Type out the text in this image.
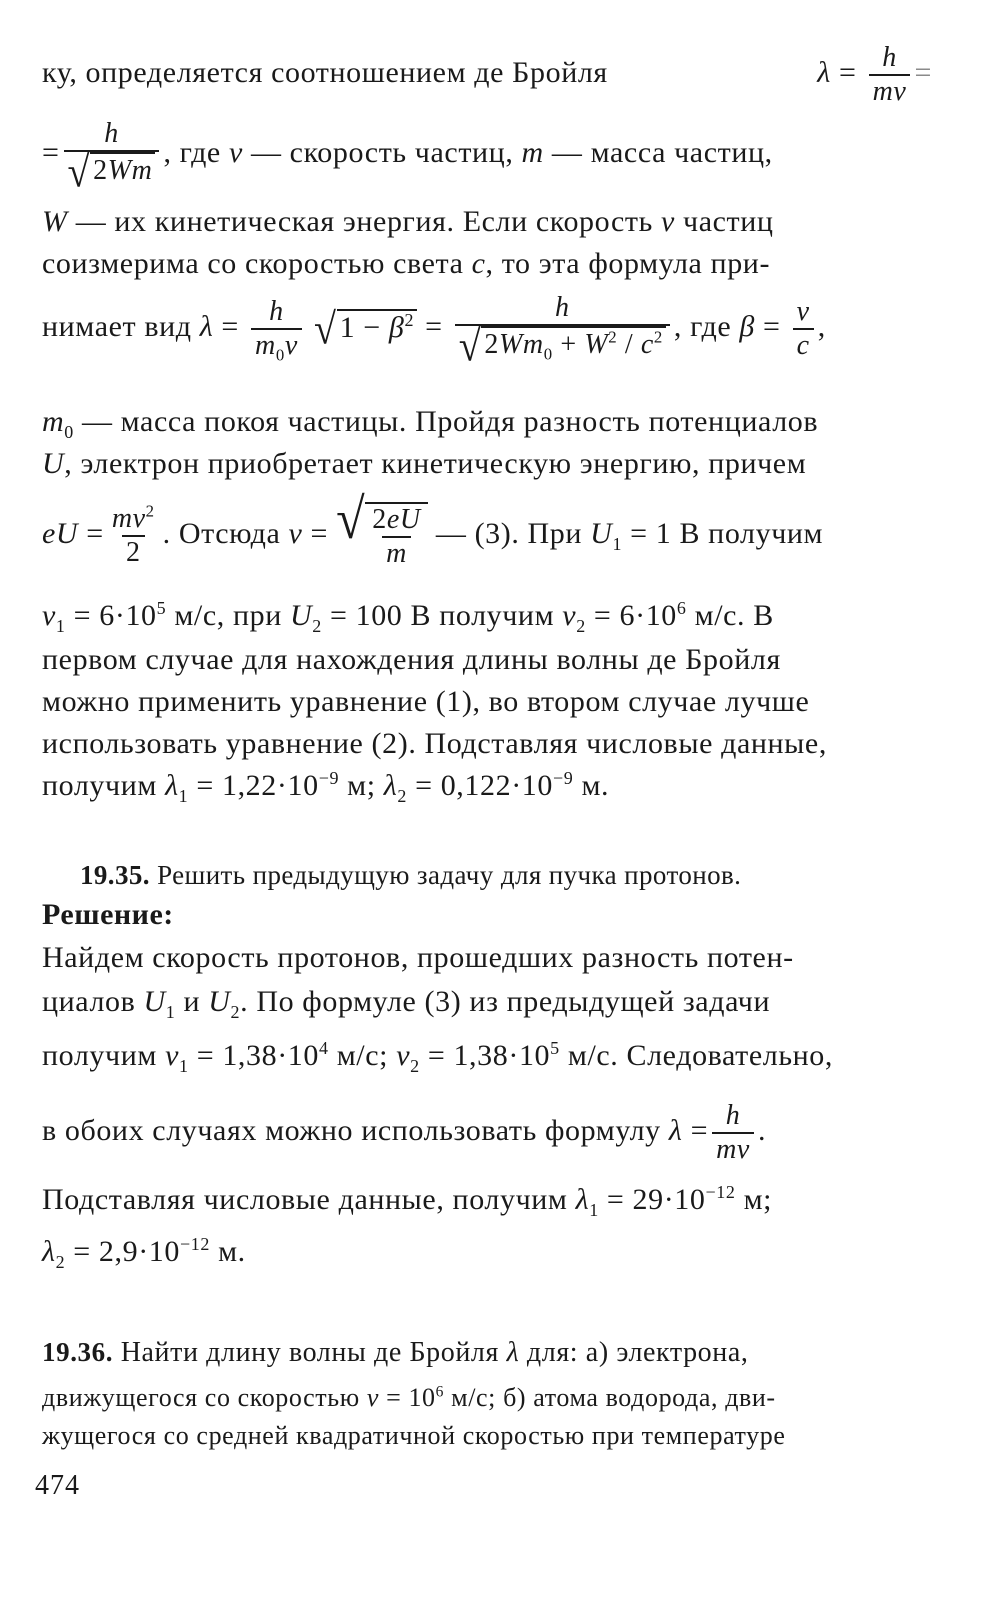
ку, определяется соотношением де Бройля	$\lambda = \frac{h}{mv}$ =
= $\frac{h}{√ 2Wm}$ , где v — скорость частиц, m — масса частиц,
W — их кинетическая энергия. Если скорость v частиц
соизмерима со скоростью света c, то эта формула при-
нимает вид $\lambda = \frac{h}{m_0v}$
√ $1 - \beta^2 = \frac{h}{√ 2Wm_0 + W^2 / c^2}$ , где $\beta = \frac{v}{c}$ ,
$m_0$ — масса покоя частицы. Пройдя разность потенциалов
U, электрон приобретает кинетическую энергию, причем
eU = $\frac{mv^2}{2}$ . Отсюда v = √ $\frac{2eU}{m}$ — (3). При $U_1 = 1$ В получим
$v_1 = 6\cdot 10^5$ м/с, при $U_2 = 100$ В получим $v_2 = 6\cdot 10^6$ м/с. В
первом случае для нахождения длины волны де Бройля
можно применить уравнение (1), во втором случае лучше
использовать уравнение (2). Подставляя числовые данные,
получим $\lambda_1 = 1,22\cdot 10^{-9}$ м; $\lambda_2 = 0,122\cdot 10^{-9}$ м.
19.35. Решить предыдущую задачу для пучка протонов.
Решение:
Найдем скорость протонов, прошедших разность потен-
циалов $U_1$ и $U_2$. По формуле (3) из предыдущей задачи
получим $v_1 = 1,38\cdot 10^4$ м/с; $v_2 = 1,38\cdot 10^5$ м/с. Следовательно,
в обоих случаях можно использовать формулу $\lambda = \frac{h}{mv}$ .
Подставляя числовые данные, получим $\lambda_1 = 29\cdot 10^{-12}$ м;
$\lambda_2 = 2,9\cdot 10^{-12}$ м.
19.36. Найти длину волны де Бройля λ для: а) электрона,
движущегося со скоростью $v = 10^6$ м/с; б) атома водорода, дви-
жущегося со средней квадратичной скоростью при температуре
474
